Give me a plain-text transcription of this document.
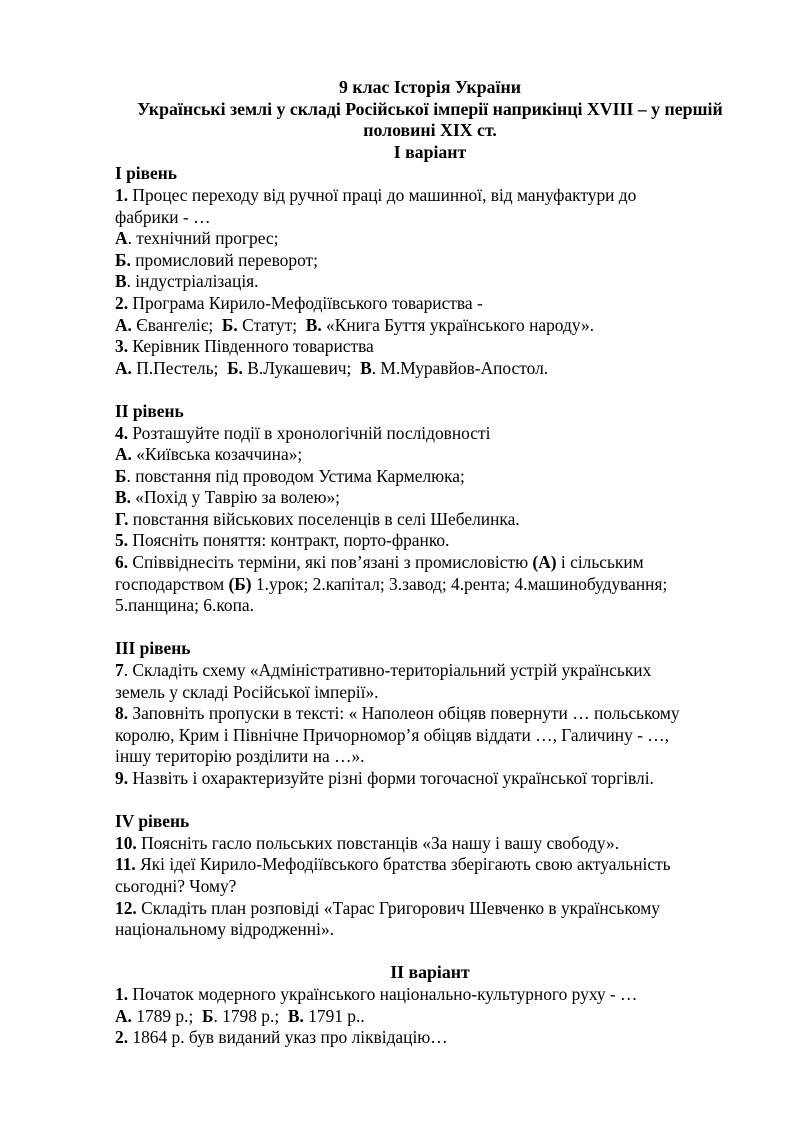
9 клас Історія України
Українські землі у складі Російської імперії наприкінці XVIII – у першій
половині XIX ст.
І варіант
І рівень
1. Процес переходу від ручної праці до машинної, від мануфактури до
фабрики - …
А. технічний прогрес;
Б. промисловий переворот;
В. індустріалізація.
2. Програма Кирило-Мефодіївського товариства -
А. Євангеліє;  Б. Статут;  В. «Книга Буття українського народу».
3. Керівник Південного товариства
А. П.Пестель;  Б. В.Лукашевич;  В. М.Муравйов-Апостол.
ІІ рівень
4. Розташуйте події в хронологічній послідовності
А. «Київська козаччина»;
Б. повстання під проводом Устима Кармелюка;
В. «Похід у Таврію за волею»;
Г. повстання військових поселенців в селі Шебелинка.
5. Поясніть поняття: контракт, порто-франко.
6. Співвіднесіть терміни, які пов’язані з промисловістю (А) і сільським
господарством (Б) 1.урок; 2.капітал; 3.завод; 4.рента; 4.машинобудування;
5.панщина; 6.копа.
ІІІ рівень
7. Складіть схему «Адміністративно-територіальний устрій українських
земель у складі Російської імперії».
8. Заповніть пропуски в тексті: « Наполеон обіцяв повернути … польському
королю, Крим і Північне Причорномор’я обіцяв віддати …, Галичину - …,
іншу територію розділити на …».
9. Назвіть і охарактеризуйте різні форми тогочасної української торгівлі.
ІV рівень
10. Поясніть гасло польських повстанців «За нашу і вашу свободу».
11. Які ідеї Кирило-Мефодіївського братства зберігають свою актуальність
сьогодні? Чому?
12. Складіть план розповіді «Тарас Григорович Шевченко в українському
національному відродженні».
ІІ варіант
1. Початок модерного українського національно-культурного руху - …
А. 1789 р.;  Б. 1798 р.;  В. 1791 р..
2. 1864 р. був виданий указ про ліквідацію…
